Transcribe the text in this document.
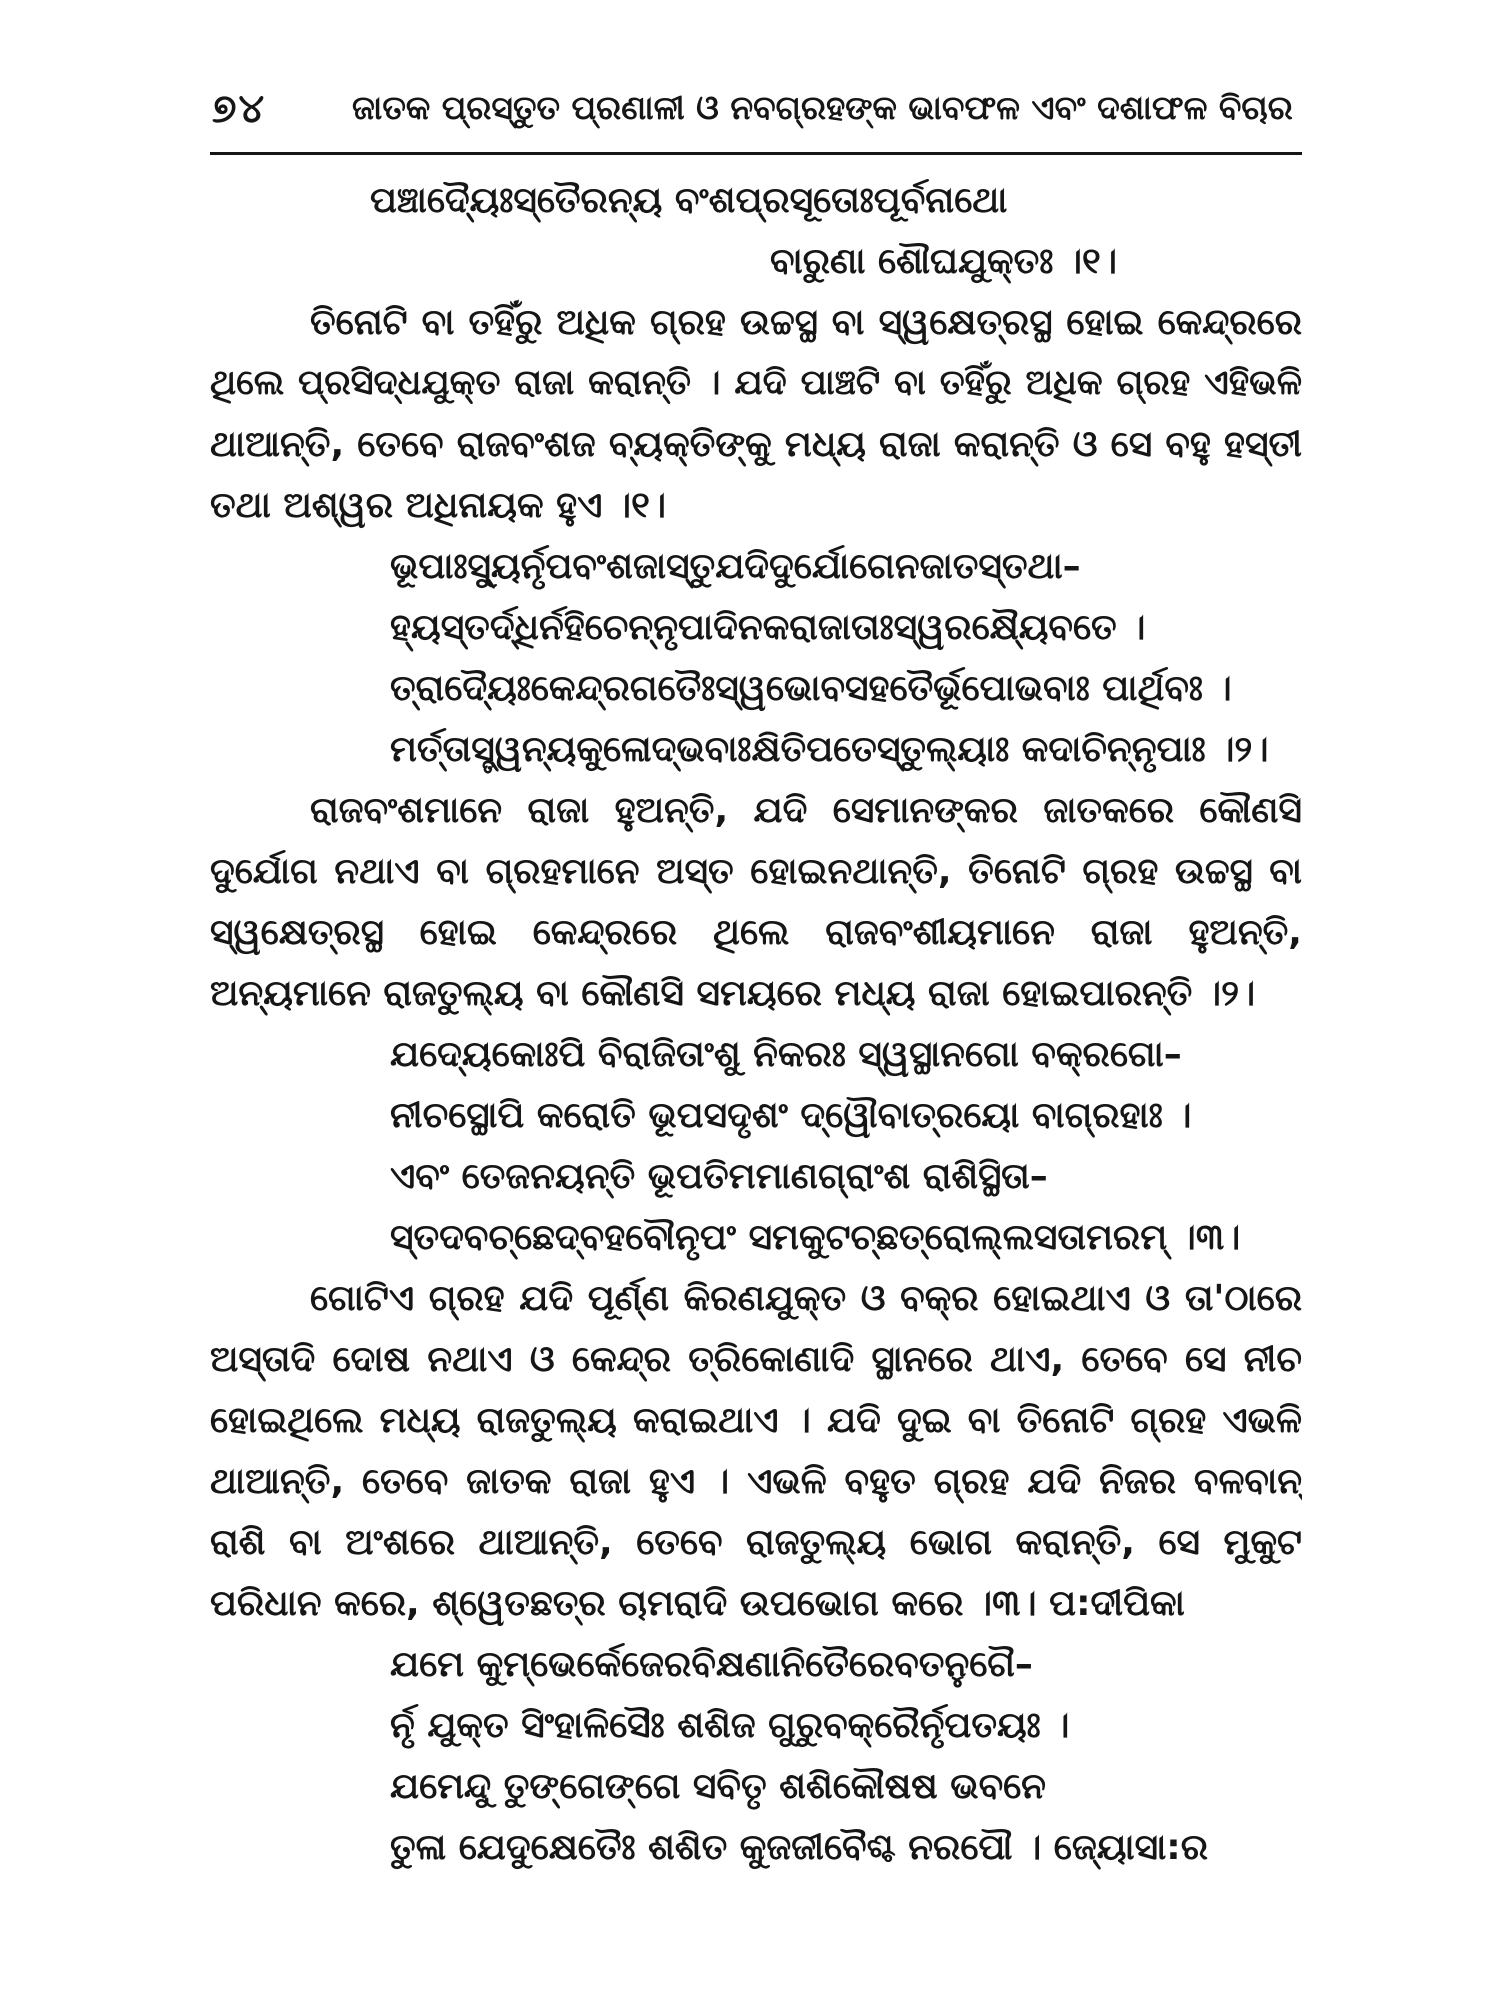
୭୪	ଜାତକ ପ୍ରସ୍ତୁତ ପ୍ରଣାଳୀ ଓ ନବଗ୍ରହଙ୍କ ଭାବଫଳ ଏବଂ ଦଶାଫଳ ବିଚାର
ପଞ୍ଚାଦ୍ୟୈଃସ୍ତୈରନ୍ୟ ବଂଶପ୍ରସୂତୋଃପୂର୍ବନାଥୋ
ବାରୁଣା ଶୌଘଯୁକ୍ତଃ ।୧।
ତିନୋଟି ବା ତହିଁରୁ ଅଧିକ ଗ୍ରହ ଉଚ୍ଚସ୍ଥ ବା ସ୍ୱକ୍ଷେତ୍ରସ୍ଥ ହୋଇ କେନ୍ଦ୍ରରେ
ଥିଲେ ପ୍ରସିଦ୍ଧଯୁକ୍ତ ରାଜା କରାନ୍ତି । ଯଦି ପାଞ୍ଚଟି ବା ତହିଁରୁ ଅଧିକ ଗ୍ରହ ଏହିଭଳି
ଥାଆନ୍ତି, ତେବେ ରାଜବଂଶଜ ବ୍ୟକ୍ତିଙ୍କୁ ମଧ୍ୟ ରାଜା କରାନ୍ତି ଓ ସେ ବହୁ ହସ୍ତୀ
ତଥା ଅଶ୍ୱର ଅଧିନାୟକ ହୁଏ ।୧।
ଭୂପାଃସ୍ୟୁର୍ନୃପବଂଶଜାସ୍ତୁଯଦିଦୁର୍ଯୋଗେନଜାତସ୍ତଥା–
ହ୍ୟସ୍ତର୍ଦ୍ଧିର୍ନହିଚେନ୍ନୃପାଦିନକରାଜାତାଃସ୍ୱରକ୍ଷ୍ୟୈବତେ ।
ତ୍ରାଦ୍ୟୈଃକେନ୍ଦ୍ରଗତୈଃସ୍ୱଭୋବସହତୈର୍ଭୂପୋଭବାଃ ପାର୍ଥିବଃ ।
ମର୍ତ୍ତାସ୍ତ୍ୱନ୍ୟକୁଳୋଦ୍ଭବାଃକ୍ଷିତିପତେସ୍ତୁଲ୍ୟାଃ କଦାଚିନ୍ନୃପାଃ ।୨।
ରାଜବଂଶମାନେ ରାଜା ହୁଅନ୍ତି, ଯଦି ସେମାନଙ୍କର ଜାତକରେ କୌଣସି
ଦୁର୍ଯୋଗ ନଥାଏ ବା ଗ୍ରହମାନେ ଅସ୍ତ ହୋଇନଥାନ୍ତି, ତିନୋଟି ଗ୍ରହ ଉଚ୍ଚସ୍ଥ ବା
ସ୍ୱକ୍ଷେତ୍ରସ୍ଥ ହୋଇ କେନ୍ଦ୍ରରେ ଥିଲେ ରାଜବଂଶୀୟମାନେ ରାଜା ହୁଅନ୍ତି,
ଅନ୍ୟମାନେ ରାଜତୁଲ୍ୟ ବା କୌଣସି ସମୟରେ ମଧ୍ୟ ରାଜା ହୋଇପାରନ୍ତି ।୨।
ଯଦ୍ୟେକୋଃପି ବିରାଜିତାଂଶୁ ନିକରଃ ସ୍ୱସ୍ଥାନଗୋ ବକ୍ରଗୋ–
ନୀଚସ୍ଥୋପି କରୋତି ଭୂପସଦୃଶଂ ଦ୍ୱୌବାତ୍ରୟୋ ବାଗ୍ରହାଃ ।
ଏବଂ ତେଜନୟନ୍ତି ଭୂପତିମମାଣଗ୍ରାଂଶ ରାଶିସ୍ଥିତା–
ସ୍ତଦବଚ୍ଛେଦ୍‌ବହବୌନୃପଂ ସମକୁଟଚ୍ଛତ୍ରୋଲ୍ଲସତାମରମ୍ ।୩।
ଗୋଟିଏ ଗ୍ରହ ଯଦି ପୂର୍ଣ୍ଣ କିରଣଯୁକ୍ତ ଓ ବକ୍ର ହୋଇଥାଏ ଓ ତା'ଠାରେ
ଅସ୍ତାଦି ଦୋଷ ନଥାଏ ଓ କେନ୍ଦ୍ର ତ୍ରିକୋଣାଦି ସ୍ଥାନରେ ଥାଏ, ତେବେ ସେ ନୀଚ
ହୋଇଥିଲେ ମଧ୍ୟ ରାଜତୁଲ୍ୟ କରାଇଥାଏ । ଯଦି ଦୁଇ ବା ତିନୋଟି ଗ୍ରହ ଏଭଳି
ଥାଆନ୍ତି, ତେବେ ଜାତକ ରାଜା ହୁଏ । ଏଭଳି ବହୁତ ଗ୍ରହ ଯଦି ନିଜର ବଳବାନ୍
ରାଶି ବା ଅଂଶରେ ଥାଆନ୍ତି, ତେବେ ରାଜତୁଲ୍ୟ ଭୋଗ କରାନ୍ତି, ସେ ମୁକୁଟ
ପରିଧାନ କରେ, ଶ୍ୱେତଛତ୍ର ଚାମରାଦି ଉପଭୋଗ କରେ ।୩। ପ:ଦୀପିକା
ଯମେ କୁମ୍ଭେର୍କେଜେରବିକ୍ଷଣାନିତୈରେବତନୁଗୈ–
ର୍ନୃ ଯୁକ୍ତ ସିଂହାଳିସୈଃ ଶଶିଜ ଗୁରୁବକ୍ରୈର୍ନୃପତୟଃ ।
ଯମେନ୍ଦୁ ତୁଙ୍ଗେଙ୍ଗେ ସବିତୃ ଶଶିକୌଷଷ ଭବନେ
ତୁଳା ଯେଦୁକ୍ଷେତୈଃ ଶଶିତ କୁଜଜୀବୈଶ୍ଚ ନରପୌ । ଜ୍ୟୋସା:ର
